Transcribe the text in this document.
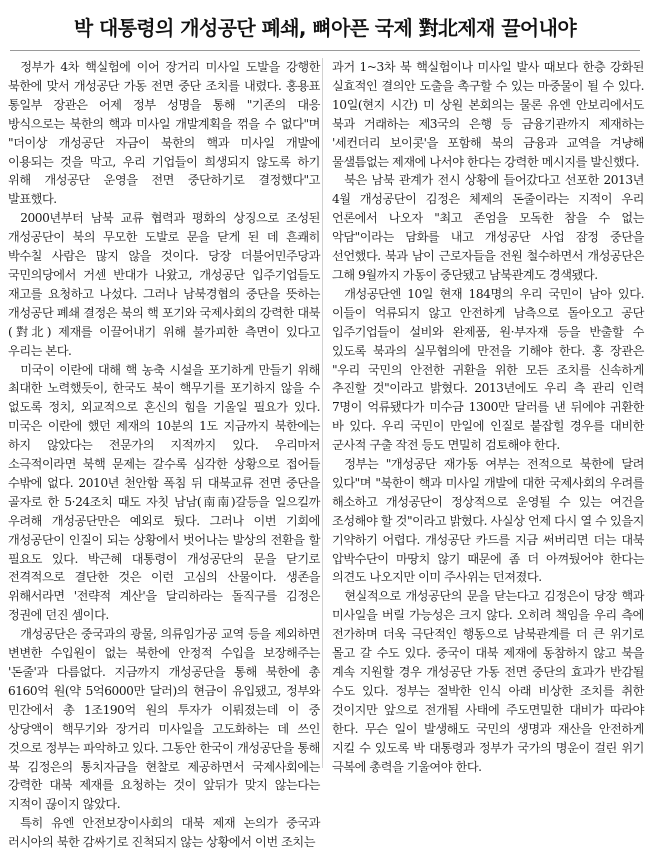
박 대통령의 개성공단 폐쇄, 뼈아픈 국제 對北제재 끌어내야

정부가 4차 핵실험에 이어 장거리 미사일 도발을 강행한 북한에 맞서 개성공단 가동 전면 중단 조치를 내렸다. 홍용표 통일부 장관은 어제 정부 성명을 통해 "기존의 대응 방식으로는 북한의 핵과 미사일 개발계획을 꺾을 수 없다"며 "더이상 개성공단 자금이 북한의 핵과 미사일 개발에 이용되는 것을 막고, 우리 기업들이 희생되지 않도록 하기 위해 개성공단 운영을 전면 중단하기로 결정했다"고 발표했다.

2000년부터 남북 교류 협력과 평화의 상징으로 조성된 개성공단이 북의 무모한 도발로 문을 닫게 된 데 흔쾌히 박수칠 사람은 많지 않을 것이다. 당장 더불어민주당과 국민의당에서 거센 반대가 나왔고, 개성공단 입주기업들도 재고를 요청하고 나섰다. 그러나 남북경협의 중단을 뜻하는 개성공단 폐쇄 결정은 북의 핵 포기와 국제사회의 강력한 대북(對北) 제재를 이끌어내기 위해 불가피한 측면이 있다고 우리는 본다.

미국이 이란에 대해 핵 농축 시설을 포기하게 만들기 위해 최대한 노력했듯이, 한국도 북이 핵무기를 포기하지 않을 수 없도록 정치, 외교적으로 혼신의 힘을 기울일 필요가 있다. 미국은 이란에 했던 제재의 10분의 1도 지금까지 북한에는 하지 않았다는 전문가의 지적까지 있다. 우리마저 소극적이라면 북핵 문제는 갈수록 심각한 상황으로 접어들 수밖에 없다. 2010년 천안함 폭침 뒤 대북교류 전면 중단을 골자로 한 5·24조치 때도 자칫 남남(南南)갈등을 일으킬까 우려해 개성공단만은 예외로 뒀다. 그러나 이번 기회에 개성공단이 인질이 되는 상황에서 벗어나는 발상의 전환을 할 필요도 있다. 박근혜 대통령이 개성공단의 문을 닫기로 전격적으로 결단한 것은 이런 고심의 산물이다. 생존을 위해서라면 '전략적 계산'을 달리하라는 돌직구를 김정은 정권에 던진 셈이다.

개성공단은 중국과의 광물, 의류임가공 교역 등을 제외하면 변변한 수입원이 없는 북한에 안정적 수입을 보장해주는 '돈줄'과 다름없다. 지금까지 개성공단을 통해 북한에 총 6160억 원(약 5억6000만 달러)의 현금이 유입됐고, 정부와 민간에서 총 1조190억 원의 투자가 이뤄졌는데 이 중 상당액이 핵무기와 장거리 미사일을 고도화하는 데 쓰인 것으로 정부는 파악하고 있다. 그동안 한국이 개성공단을 통해 북 김정은의 통치자금을 현찰로 제공하면서 국제사회에는 강력한 대북 제재를 요청하는 것이 앞뒤가 맞지 않는다는 지적이 끊이지 않았다.

특히 유엔 안전보장이사회의 대북 제재 논의가 중국과 러시아의 북한 감싸기로 진척되지 않는 상황에서 이번 조치는

과거 1~3차 북 핵실험이나 미사일 발사 때보다 한층 강화된 실효적인 결의안 도출을 촉구할 수 있는 마중물이 될 수 있다. 10일(현지 시간) 미 상원 본회의는 물론 유엔 안보리에서도 북과 거래하는 제3국의 은행 등 금융기관까지 제재하는 '세컨더리 보이콧'을 포함해 북의 금융과 교역을 겨냥해 물샐틈없는 제재에 나서야 한다는 강력한 메시지를 발신했다.

북은 남북 관계가 전시 상황에 들어갔다고 선포한 2013년 4월 개성공단이 김정은 체제의 돈줄이라는 지적이 우리 언론에서 나오자 "최고 존엄을 모독한 참을 수 없는 악담"이라는 담화를 내고 개성공단 사업 잠정 중단을 선언했다. 북과 남이 근로자들을 전원 철수하면서 개성공단은 그해 9월까지 가동이 중단됐고 남북관계도 경색됐다.

개성공단엔 10일 현재 184명의 우리 국민이 남아 있다. 이들이 억류되지 않고 안전하게 남측으로 돌아오고 공단 입주기업들이 설비와 완제품, 원·부자재 등을 반출할 수 있도록 북과의 실무협의에 만전을 기해야 한다. 홍 장관은 "우리 국민의 안전한 귀환을 위한 모든 조치를 신속하게 추진할 것"이라고 밝혔다. 2013년에도 우리 측 관리 인력 7명이 억류됐다가 미수금 1300만 달러를 낸 뒤에야 귀환한 바 있다. 우리 국민이 만일에 인질로 붙잡힐 경우를 대비한 군사적 구출 작전 등도 면밀히 검토해야 한다.

정부는 "개성공단 재가동 여부는 전적으로 북한에 달려 있다"며 "북한이 핵과 미사일 개발에 대한 국제사회의 우려를 해소하고 개성공단이 정상적으로 운영될 수 있는 여건을 조성해야 할 것"이라고 밝혔다. 사실상 언제 다시 열 수 있을지 기약하기 어렵다. 개성공단 카드를 지금 써버리면 더는 대북 압박수단이 마땅치 않기 때문에 좀 더 아껴뒀어야 한다는 의견도 나오지만 이미 주사위는 던져졌다.

현실적으로 개성공단의 문을 닫는다고 김정은이 당장 핵과 미사일을 버릴 가능성은 크지 않다. 오히려 책임을 우리 측에 전가하며 더욱 극단적인 행동으로 남북관계를 더 큰 위기로 몰고 갈 수도 있다. 중국이 대북 제재에 동참하지 않고 북을 계속 지원할 경우 개성공단 가동 전면 중단의 효과가 반감될 수도 있다. 정부는 절박한 인식 아래 비상한 조치를 취한 것이지만 앞으로 전개될 사태에 주도면밀한 대비가 따라야 한다. 무슨 일이 발생해도 국민의 생명과 재산을 안전하게 지킬 수 있도록 박 대통령과 정부가 국가의 명운이 걸린 위기 극복에 총력을 기울여야 한다.
